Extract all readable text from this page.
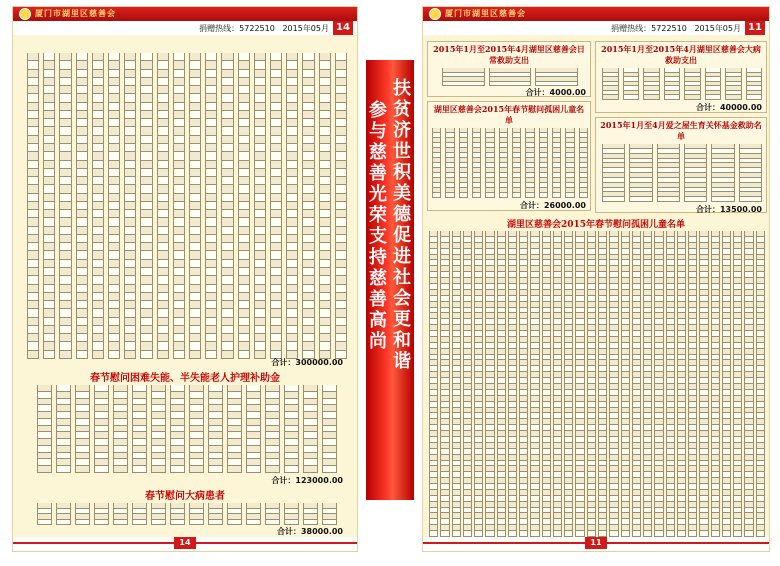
厦门市湖里区慈善会
捐赠热线：5722510 2015年05月 14
合计：300000.00
春节慰问困难失能、半失能老人护理补助金
合计：123000.00
春节慰问大病患者
合计：38000.00
14
扶贫济世积美德 促进社会更和谐
参与慈善光荣 支持慈善高尚
厦门市湖里区慈善会
捐赠热线：5722510 2015年05月 11
2015年1月至2015年4月湖里区慈善会日常救助支出
合计：4000.00
2015年1月至2015年4月湖里区慈善会大病救助支出
合计：40000.00
湖里区慈善会2015年春节慰问孤困儿童名单
合计：26000.00
2015年1月至4月爱之屋生育关怀基金救助名单
合计：13500.00
湖里区慈善会2015年春节慰问孤困儿童名单
11
